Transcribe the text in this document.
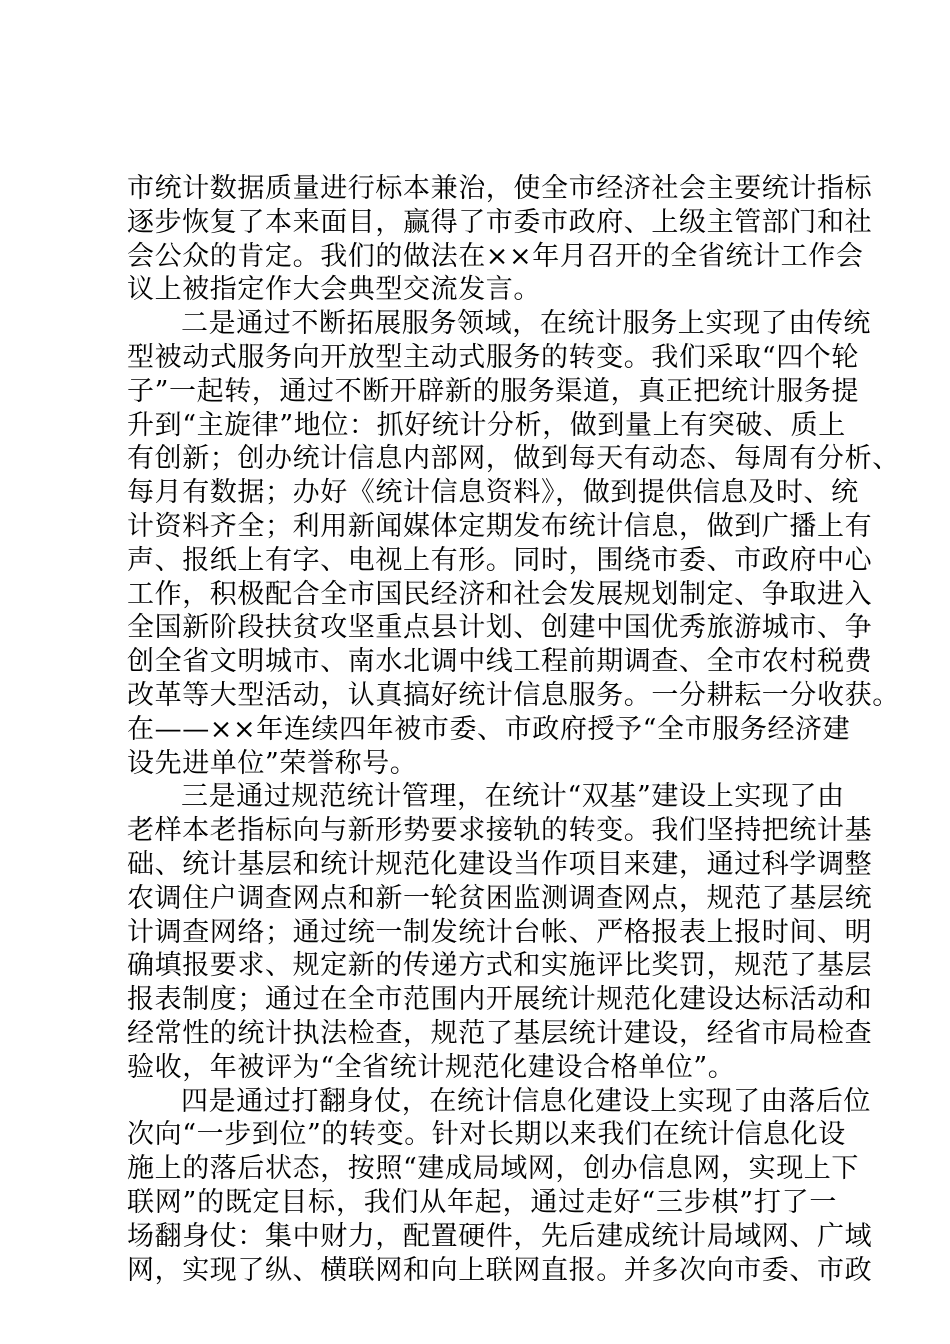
市统计数据质量进行标本兼治，使全市经济社会主要统计指标
逐步恢复了本来面目，赢得了市委市政府、上级主管部门和社
会公众的肯定。我们的做法在××年月召开的全省统计工作会
议上被指定作大会典型交流发言。
二是通过不断拓展服务领域，在统计服务上实现了由传统
型被动式服务向开放型主动式服务的转变。我们采取“四个轮
子”一起转，通过不断开辟新的服务渠道，真正把统计服务提
升到“主旋律”地位：抓好统计分析，做到量上有突破、质上
有创新；创办统计信息内部网，做到每天有动态、每周有分析、
每月有数据；办好《统计信息资料》，做到提供信息及时、统
计资料齐全；利用新闻媒体定期发布统计信息，做到广播上有
声、报纸上有字、电视上有形。同时，围绕市委、市政府中心
工作，积极配合全市国民经济和社会发展规划制定、争取进入
全国新阶段扶贫攻坚重点县计划、创建中国优秀旅游城市、争
创全省文明城市、南水北调中线工程前期调查、全市农村税费
改革等大型活动，认真搞好统计信息服务。一分耕耘一分收获。
在——××年连续四年被市委、市政府授予“全市服务经济建
设先进单位”荣誉称号。
三是通过规范统计管理，在统计“双基”建设上实现了由
老样本老指标向与新形势要求接轨的转变。我们坚持把统计基
础、统计基层和统计规范化建设当作项目来建，通过科学调整
农调住户调查网点和新一轮贫困监测调查网点，规范了基层统
计调查网络；通过统一制发统计台帐、严格报表上报时间、明
确填报要求、规定新的传递方式和实施评比奖罚，规范了基层
报表制度；通过在全市范围内开展统计规范化建设达标活动和
经常性的统计执法检查，规范了基层统计建设，经省市局检查
验收，年被评为“全省统计规范化建设合格单位”。
四是通过打翻身仗，在统计信息化建设上实现了由落后位
次向“一步到位”的转变。针对长期以来我们在统计信息化设
施上的落后状态，按照“建成局域网，创办信息网，实现上下
联网”的既定目标，我们从年起，通过走好“三步棋”打了一
场翻身仗：集中财力，配置硬件，先后建成统计局域网、广域
网，实现了纵、横联网和向上联网直报。并多次向市委、市政
